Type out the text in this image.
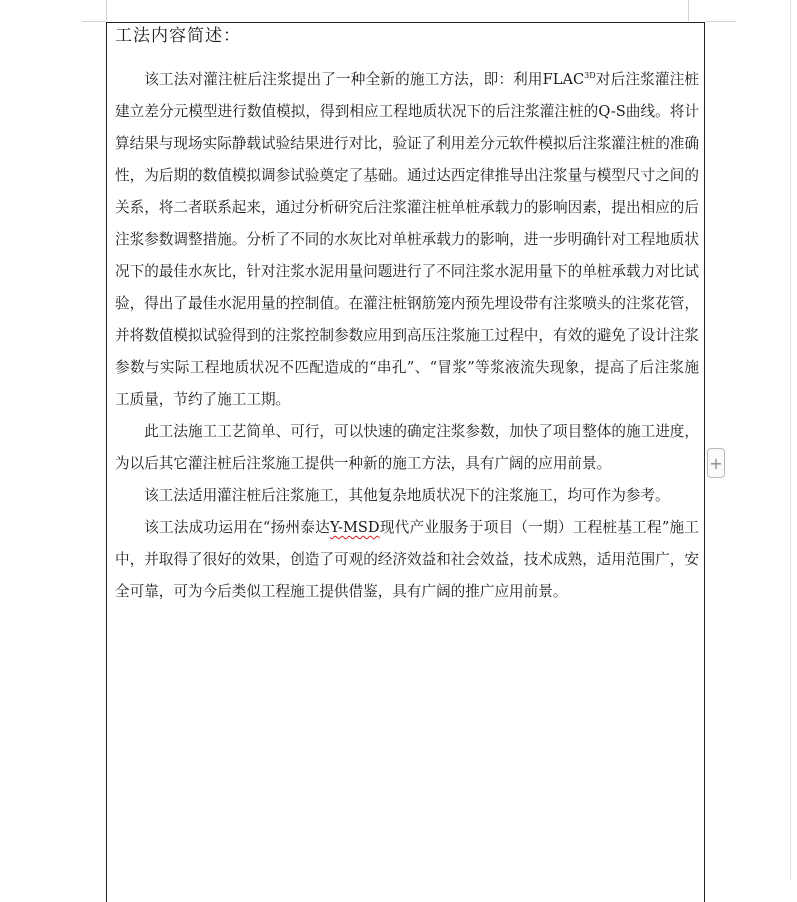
工法内容简述：

该工法对灌注桩后注浆提出了一种全新的施工方法，即：利用$FLAC^{3D}$对后注浆灌注桩建立差分元模型进行数值模拟，得到相应工程地质状况下的后注浆灌注桩的Q-S曲线。将计算结果与现场实际静载试验结果进行对比，验证了利用差分元软件模拟后注浆灌注桩的准确性，为后期的数值模拟调参试验奠定了基础。通过达西定律推导出注浆量与模型尺寸之间的关系，将二者联系起来，通过分析研究后注浆灌注桩单桩承载力的影响因素，提出相应的后注浆参数调整措施。分析了不同的水灰比对单桩承载力的影响，进一步明确针对工程地质状况下的最佳水灰比，针对注浆水泥用量问题进行了不同注浆水泥用量下的单桩承载力对比试验，得出了最佳水泥用量的控制值。在灌注桩钢筋笼内预先埋设带有注浆喷头的注浆花管，并将数值模拟试验得到的注浆控制参数应用到高压注浆施工过程中，有效的避免了设计注浆参数与实际工程地质状况不匹配造成的“串孔”、“冒浆”等浆液流失现象，提高了后注浆施工质量，节约了施工工期。

此工法施工工艺简单、可行，可以快速的确定注浆参数，加快了项目整体的施工进度，为以后其它灌注桩后注浆施工提供一种新的施工方法，具有广阔的应用前景。

该工法适用灌注桩后注浆施工，其他复杂地质状况下的注浆施工，均可作为参考。

该工法成功运用在“扬州泰达Y-MSD现代产业服务于项目（一期）工程桩基工程”施工中，并取得了很好的效果，创造了可观的经济效益和社会效益，技术成熟，适用范围广，安全可靠，可为今后类似工程施工提供借鉴，具有广阔的推广应用前景。

+
